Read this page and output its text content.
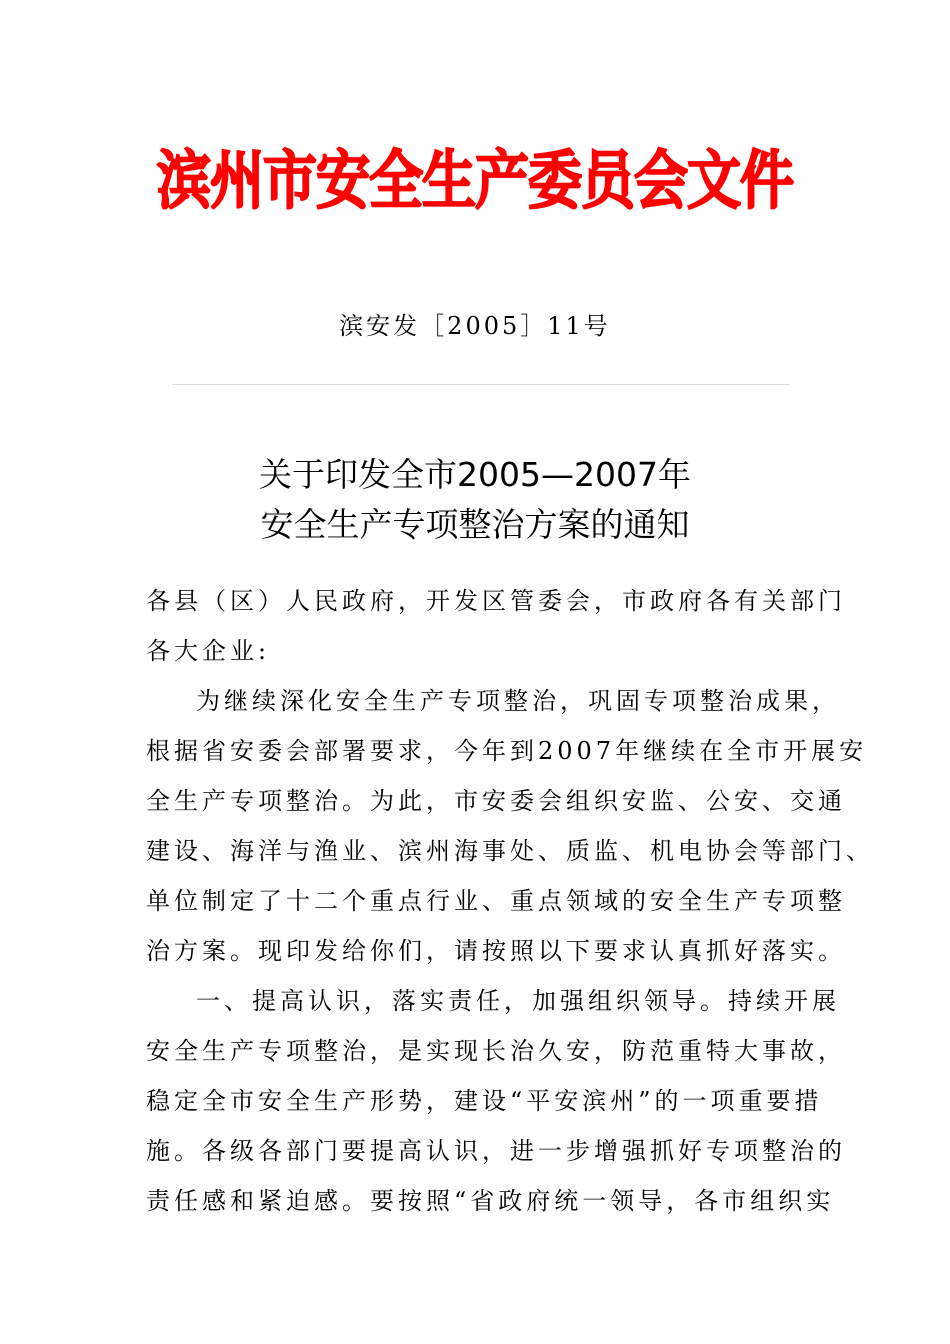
滨州市安全生产委员会文件
滨安发［2005］11号
关于印发全市2005—2007年
安全生产专项整治方案的通知
各县（区）人民政府，开发区管委会，市政府各有关部门
各大企业:
为继续深化安全生产专项整治，巩固专项整治成果，
根据省安委会部署要求，今年到2007年继续在全市开展安
全生产专项整治。为此，市安委会组织安监、公安、交通
建设、海洋与渔业、滨州海事处、质监、机电协会等部门、
单位制定了十二个重点行业、重点领域的安全生产专项整
治方案。现印发给你们，请按照以下要求认真抓好落实。
一、提高认识，落实责任，加强组织领导。持续开展
安全生产专项整治，是实现长治久安，防范重特大事故，
稳定全市安全生产形势，建设“平安滨州”的一项重要措
施。各级各部门要提高认识，进一步增强抓好专项整治的
责任感和紧迫感。要按照“省政府统一领导，各市组织实
